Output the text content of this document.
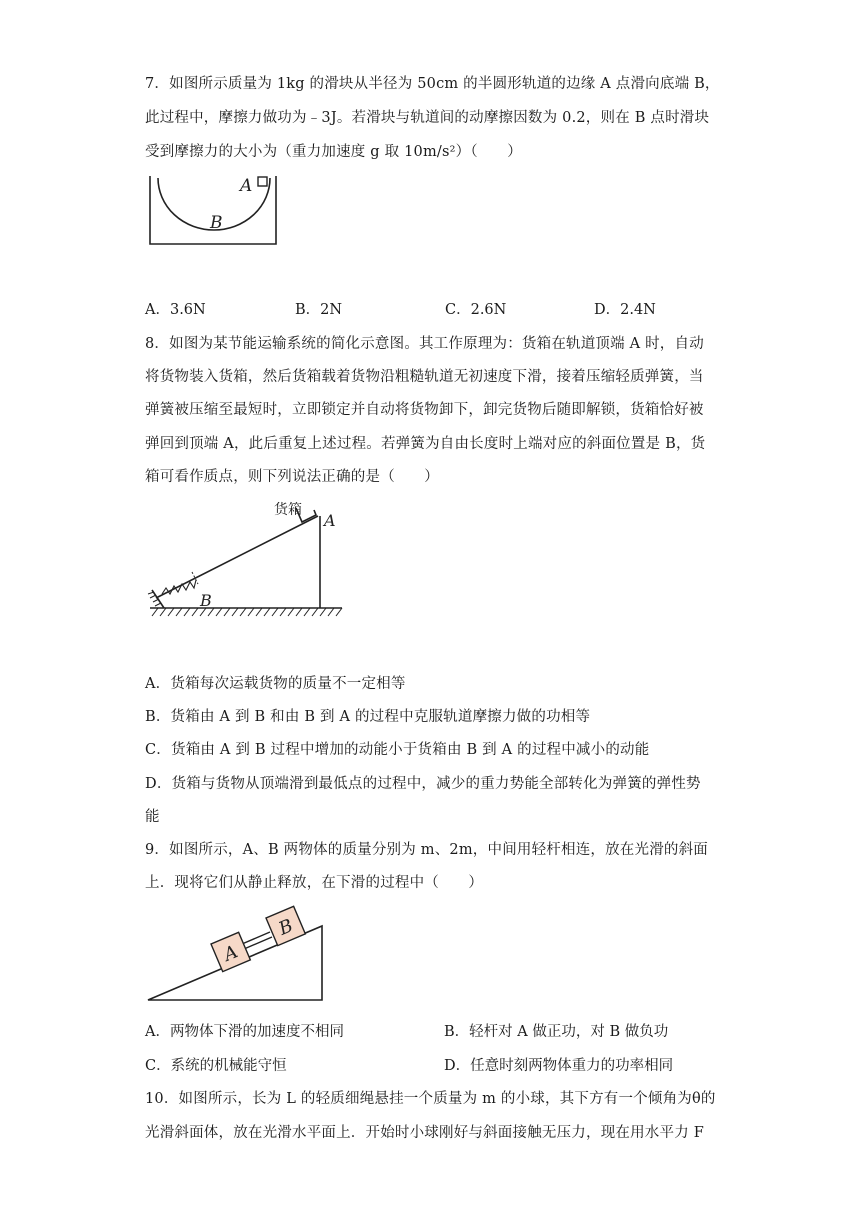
7．如图所示质量为 1kg 的滑块从半径为 50cm 的半圆形轨道的边缘 A 点滑向底端 B，
此过程中，摩擦力做功为﹣3J。若滑块与轨道间的动摩擦因数为 0.2，则在 B 点时滑块
受到摩擦力的大小为（重力加速度 g 取 10m/s²）（　　）
A
B
A．3.6N	B．2N	C．2.6N	D．2.4N
8．如图为某节能运输系统的简化示意图。其工作原理为：货箱在轨道顶端 A 时，自动
将货物装入货箱，然后货箱载着货物沿粗糙轨道无初速度下滑，接着压缩轻质弹簧，当
弹簧被压缩至最短时，立即锁定并自动将货物卸下，卸完货物后随即解锁，货箱恰好被
弹回到顶端 A，此后重复上述过程。若弹簧为自由长度时上端对应的斜面位置是 B，货
箱可看作质点，则下列说法正确的是（　　）
货箱
A
B
A．货箱每次运载货物的质量不一定相等
B．货箱由 A 到 B 和由 B 到 A 的过程中克服轨道摩擦力做的功相等
C．货箱由 A 到 B 过程中增加的动能小于货箱由 B 到 A 的过程中减小的动能
D．货箱与货物从顶端滑到最低点的过程中，减少的重力势能全部转化为弹簧的弹性势
能
9．如图所示，A、B 两物体的质量分别为 m、2m，中间用轻杆相连，放在光滑的斜面
上．现将它们从静止释放，在下滑的过程中（　　）
A
B
A．两物体下滑的加速度不相同	B．轻杆对 A 做正功，对 B 做负功
C．系统的机械能守恒	D．任意时刻两物体重力的功率相同
10．如图所示，长为 L 的轻质细绳悬挂一个质量为 m 的小球，其下方有一个倾角为θ的
光滑斜面体，放在光滑水平面上．开始时小球刚好与斜面接触无压力，现在用水平力 F
